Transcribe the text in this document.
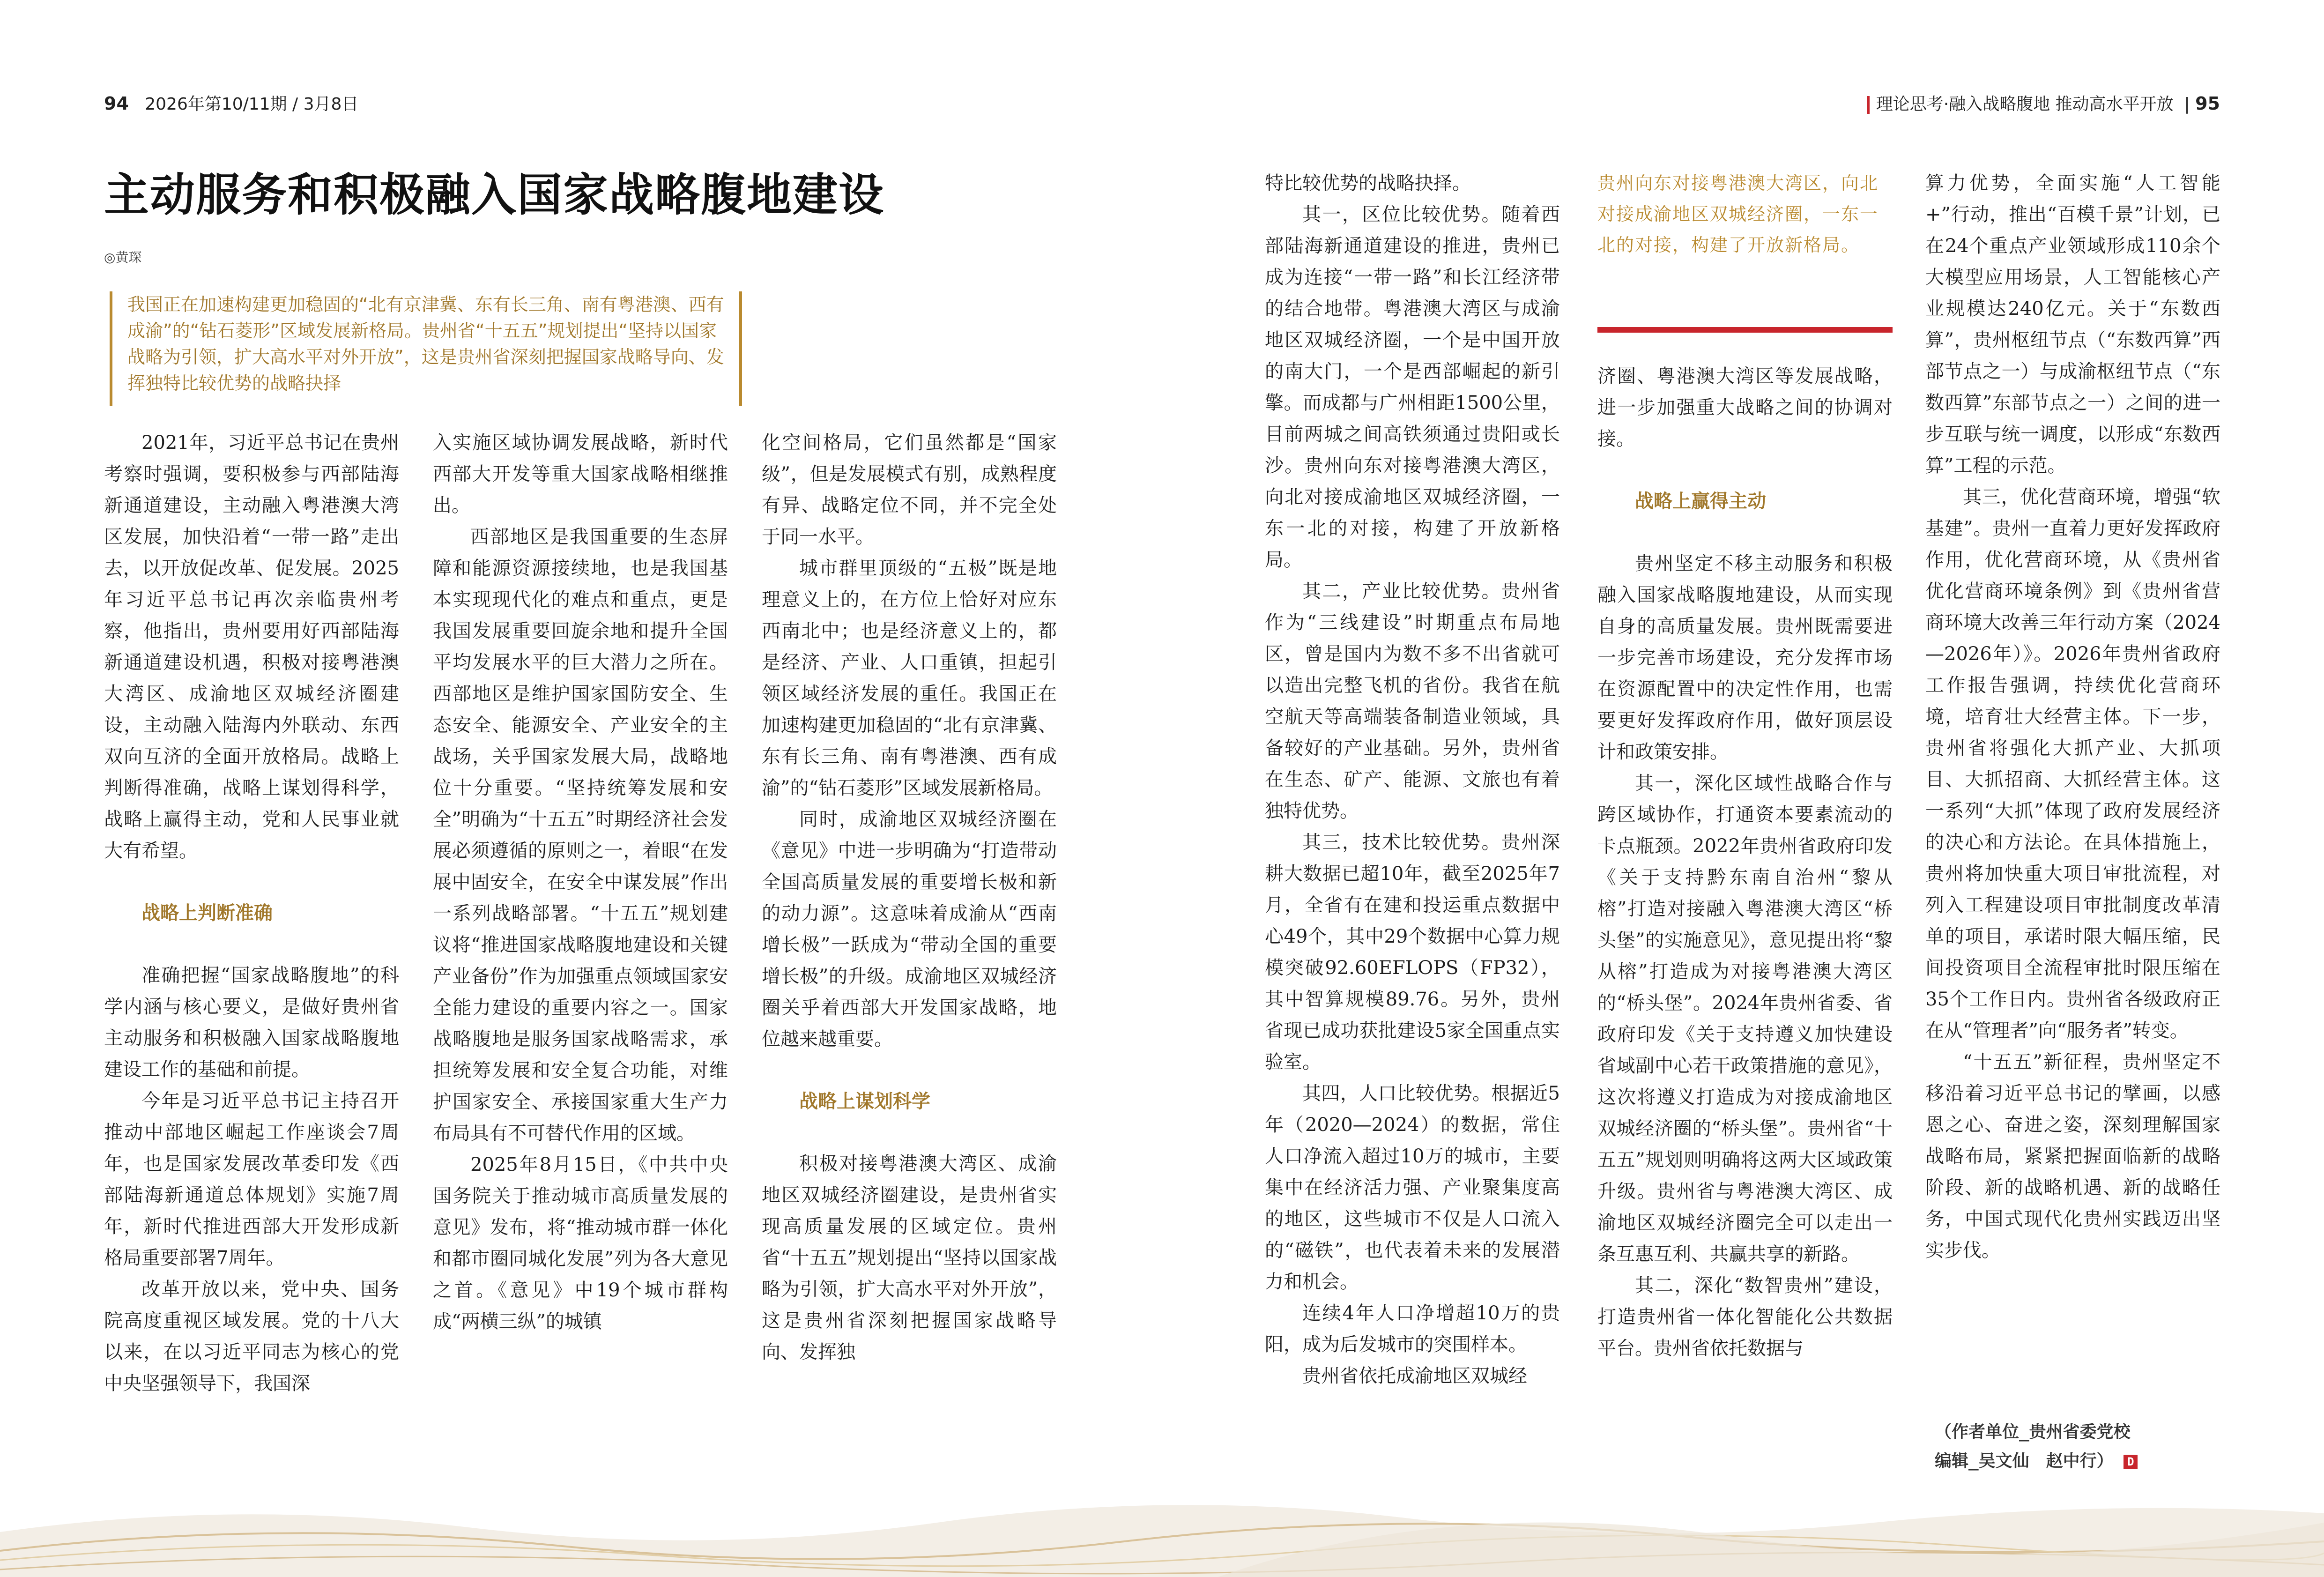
94 2026年第10/11期 / 3月8日	理论思考·融入战略腹地 推动高水平开放  | 95
主动服务和积极融入国家战略腹地建设
◎黄琛
我国正在加速构建更加稳固的“北有京津冀、东有长三角、南有粤港澳、西有成渝”的“钻石菱形”区域发展新格局。贵州省“十五五”规划提出“坚持以国家战略为引领，扩大高水平对外开放”，这是贵州省深刻把握国家战略导向、发挥独特比较优势的战略抉择

2021年，习近平总书记在贵州考察时强调，要积极参与西部陆海新通道建设，主动融入粤港澳大湾区发展，加快沿着“一带一路”走出去，以开放促改革、促发展。2025年习近平总书记再次亲临贵州考察，他指出，贵州要用好西部陆海新通道建设机遇，积极对接粤港澳大湾区、成渝地区双城经济圈建设，主动融入陆海内外联动、东西双向互济的全面开放格局。战略上判断得准确，战略上谋划得科学，战略上赢得主动，党和人民事业就大有希望。

战略上判断准确

准确把握“国家战略腹地”的科学内涵与核心要义，是做好贵州省主动服务和积极融入国家战略腹地建设工作的基础和前提。

今年是习近平总书记主持召开推动中部地区崛起工作座谈会7周年，也是国家发展改革委印发《西部陆海新通道总体规划》实施7周年，新时代推进西部大开发形成新格局重要部署7周年。

改革开放以来，党中央、国务院高度重视区域发展。党的十八大以来，在以习近平同志为核心的党中央坚强领导下，我国深

入实施区域协调发展战略，新时代西部大开发等重大国家战略相继推出。

西部地区是我国重要的生态屏障和能源资源接续地，也是我国基本实现现代化的难点和重点，更是我国发展重要回旋余地和提升全国平均发展水平的巨大潜力之所在。西部地区是维护国家国防安全、生态安全、能源安全、产业安全的主战场，关乎国家发展大局，战略地位十分重要。“坚持统筹发展和安全”明确为“十五五”时期经济社会发展必须遵循的原则之一，着眼“在发展中固安全，在安全中谋发展”作出一系列战略部署。“十五五”规划建议将“推进国家战略腹地建设和关键产业备份”作为加强重点领域国家安全能力建设的重要内容之一。国家战略腹地是服务国家战略需求，承担统筹发展和安全复合功能，对维护国家安全、承接国家重大生产力布局具有不可替代作用的区域。

2025年8月15日，《中共中央国务院关于推动城市高质量发展的意见》发布，将“推动城市群一体化和都市圈同城化发展”列为各大意见之首。《意见》中19个城市群构成“两横三纵”的城镇

化空间格局，它们虽然都是“国家级”，但是发展模式有别，成熟程度有异、战略定位不同，并不完全处于同一水平。

城市群里顶级的“五极”既是地理意义上的，在方位上恰好对应东西南北中；也是经济意义上的，都是经济、产业、人口重镇，担起引领区域经济发展的重任。我国正在加速构建更加稳固的“北有京津冀、东有长三角、南有粤港澳、西有成渝”的“钻石菱形”区域发展新格局。

同时，成渝地区双城经济圈在《意见》中进一步明确为“打造带动全国高质量发展的重要增长极和新的动力源”。这意味着成渝从“西南增长极”一跃成为“带动全国的重要增长极”的升级。成渝地区双城经济圈关乎着西部大开发国家战略，地位越来越重要。

战略上谋划科学

积极对接粤港澳大湾区、成渝地区双城经济圈建设，是贵州省实现高质量发展的区域定位。贵州省“十五五”规划提出“坚持以国家战略为引领，扩大高水平对外开放”，这是贵州省深刻把握国家战略导向、发挥独

特比较优势的战略抉择。

其一，区位比较优势。随着西部陆海新通道建设的推进，贵州已成为连接“一带一路”和长江经济带的结合地带。粤港澳大湾区与成渝地区双城经济圈，一个是中国开放的南大门，一个是西部崛起的新引擎。而成都与广州相距1500公里，目前两城之间高铁须通过贵阳或长沙。贵州向东对接粤港澳大湾区，向北对接成渝地区双城经济圈，一东一北的对接，构建了开放新格局。

其二，产业比较优势。贵州省作为“三线建设”时期重点布局地区，曾是国内为数不多不出省就可以造出完整飞机的省份。我省在航空航天等高端装备制造业领域，具备较好的产业基础。另外，贵州省在生态、矿产、能源、文旅也有着独特优势。

其三，技术比较优势。贵州深耕大数据已超10年，截至2025年7月，全省有在建和投运重点数据中心49个，其中29个数据中心算力规模突破92.60EFLOPS（FP32），其中智算规模89.76。另外，贵州省现已成功获批建设5家全国重点实验室。

其四，人口比较优势。根据近5年（2020—2024）的数据，常住人口净流入超过10万的城市，主要集中在经济活力强、产业聚集度高的地区，这些城市不仅是人口流入的“磁铁”，也代表着未来的发展潜力和机会。

连续4年人口净增超10万的贵阳，成为后发城市的突围样本。

贵州省依托成渝地区双城经

贵州向东对接粤港澳大湾区，向北对接成渝地区双城经济圈，一东一北的对接，构建了开放新格局。

济圈、粤港澳大湾区等发展战略，进一步加强重大战略之间的协调对接。

战略上赢得主动

贵州坚定不移主动服务和积极融入国家战略腹地建设，从而实现自身的高质量发展。贵州既需要进一步完善市场建设，充分发挥市场在资源配置中的决定性作用，也需要更好发挥政府作用，做好顶层设计和政策安排。

其一，深化区域性战略合作与跨区域协作，打通资本要素流动的卡点瓶颈。2022年贵州省政府印发《关于支持黔东南自治州“黎从榕”打造对接融入粤港澳大湾区“桥头堡”的实施意见》，意见提出将“黎从榕”打造成为对接粤港澳大湾区的“桥头堡”。2024年贵州省委、省政府印发《关于支持遵义加快建设省域副中心若干政策措施的意见》，这次将遵义打造成为对接成渝地区双城经济圈的“桥头堡”。贵州省“十五五”规划则明确将这两大区域政策升级。贵州省与粤港澳大湾区、成渝地区双城经济圈完全可以走出一条互惠互利、共赢共享的新路。

其二，深化“数智贵州”建设，打造贵州省一体化智能化公共数据平台。贵州省依托数据与

算力优势，全面实施“人工智能+”行动，推出“百模千景”计划，已在24个重点产业领域形成110余个大模型应用场景，人工智能核心产业规模达240亿元。关于“东数西算”，贵州枢纽节点（“东数西算”西部节点之一）与成渝枢纽节点（“东数西算”东部节点之一）之间的进一步互联与统一调度，以形成“东数西算”工程的示范。

其三，优化营商环境，增强“软基建”。贵州一直着力更好发挥政府作用，优化营商环境，从《贵州省优化营商环境条例》到《贵州省营商环境大改善三年行动方案（2024—2026年）》。2026年贵州省政府工作报告强调，持续优化营商环境，培育壮大经营主体。下一步，贵州省将强化大抓产业、大抓项目、大抓招商、大抓经营主体。这一系列“大抓”体现了政府发展经济的决心和方法论。在具体措施上，贵州将加快重大项目审批流程，对列入工程建设项目审批制度改革清单的项目，承诺时限大幅压缩，民间投资项目全流程审批时限压缩在35个工作日内。贵州省各级政府正在从“管理者”向“服务者”转变。

“十五五”新征程，贵州坚定不移沿着习近平总书记的擘画，以感恩之心、奋进之姿，深刻理解国家战略布局，紧紧把握面临新的战略阶段、新的战略机遇、新的战略任务，中国式现代化贵州实践迈出坚实步伐。

（作者单位_贵州省委党校
编辑_吴文仙　赵中行） D
